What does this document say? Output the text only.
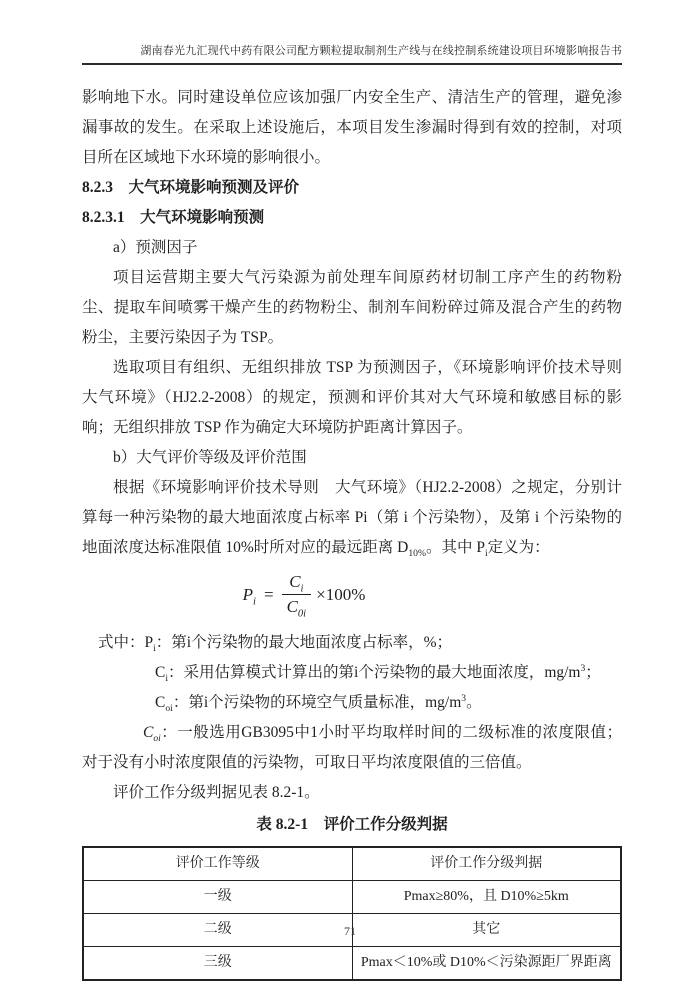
湖南春光九汇现代中药有限公司配方颗粒提取制剂生产线与在线控制系统建设项目环境影响报告书

影响地下水。同时建设单位应该加强厂内安全生产、清洁生产的管理，避免渗漏事故的发生。在采取上述设施后，本项目发生渗漏时得到有效的控制，对项目所在区域地下水环境的影响很小。

8.2.3　大气环境影响预测及评价

8.2.3.1　大气环境影响预测

a）预测因子

项目运营期主要大气污染源为前处理车间原药材切制工序产生的药物粉尘、提取车间喷雾干燥产生的药物粉尘、制剂车间粉碎过筛及混合产生的药物粉尘，主要污染因子为 TSP。

选取项目有组织、无组织排放 TSP 为预测因子，《环境影响评价技术导则　大气环境》（HJ2.2-2008）的规定，预测和评价其对大气环境和敏感目标的影响；无组织排放 TSP 作为确定大环境防护距离计算因子。

b）大气评价等级及评价范围

根据《环境影响评价技术导则　大气环境》（HJ2.2-2008）之规定，分别计算每一种污染物的最大地面浓度占标率 Pi（第 i 个污染物），及第 i 个污染物的地面浓度达标准限值 10%时所对应的最远距离 $D_{10\%}$。其中 $P_i$定义为：

$P_i = \frac{C_i}{C_{0i}} \times 100\%$

式中：$P_i$：第i个污染物的最大地面浓度占标率，%；

$C_i$：采用估算模式计算出的第i个污染物的最大地面浓度，$mg/m^3$；

$C_{oi}$：第i个污染物的环境空气质量标准，$mg/m^3$。

$C_{oi}$：一般选用GB3095中1小时平均取样时间的二级标准的浓度限值；对于没有小时浓度限值的污染物，可取日平均浓度限值的三倍值。

评价工作分级判据见表 8.2-1。

表 8.2-1　评价工作分级判据
评价工作等级	评价工作分级判据
一级	Pmax≥80%，且 D10%≥5km
二级	其它
三级	Pmax＜10%或 D10%＜污染源距厂界距离
71
